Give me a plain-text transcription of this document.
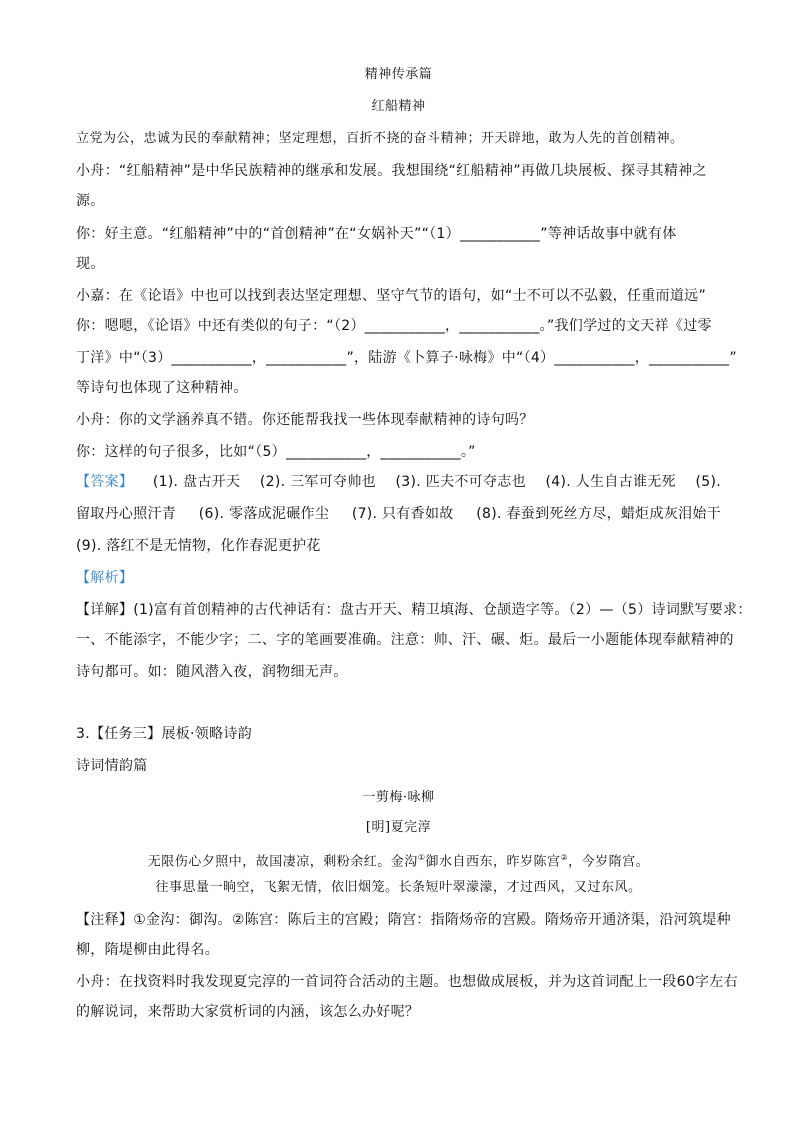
精神传承篇
红船精神
立党为公，忠诚为民的奉献精神；坚定理想，百折不挠的奋斗精神；开天辟地，敢为人先的首创精神。
小舟：“红船精神”是中华民族精神的继承和发展。我想围绕“红船精神”再做几块展板、探寻其精神之
源。
你：好主意。“红船精神”中的“首创精神”在“女娲补天”“（1）___________”等神话故事中就有体
现。
小嘉：在《论语》中也可以找到表达坚定理想、坚守气节的语句，如“士不可以不弘毅，任重而道远”
你：嗯嗯，《论语》中还有类似的句子：“（2）___________，___________。”我们学过的文天祥《过零
丁洋》中“（3）___________，___________”，陆游《卜算子·咏梅》中“（4）___________，___________”
等诗句也体现了这种精神。
小舟：你的文学涵养真不错。你还能帮我找一些体现奉献精神的诗句吗？
你：这样的句子很多，比如“（5）___________，___________。”
【答案】 (1). 盘古开天 (2). 三军可夺帅也 (3). 匹夫不可夺志也 (4). 人生自古谁无死 (5).
留取丹心照汗青 (6). 零落成泥碾作尘 (7). 只有香如故 (8). 春蚕到死丝方尽，蜡炬成灰泪始干
(9). 落红不是无情物，化作春泥更护花
【解析】
【详解】(1)富有首创精神的古代神话有：盘古开天、精卫填海、仓颉造字等。（2）—（5）诗词默写要求：
一、不能添字，不能少字；二、字的笔画要准确。注意：帅、汗、碾、炬。最后一小题能体现奉献精神的
诗句都可。如：随风潜入夜，润物细无声。
3.【任务三】展板·领略诗韵
诗词情韵篇
一剪梅·咏柳
[明]夏完淳
无限伤心夕照中，故国凄凉，剩粉余红。金沟①御水自西东，昨岁陈宫②，今岁隋宫。
往事思量一晌空，飞絮无情，依旧烟笼。长条短叶翠濛濛，才过西风，又过东风。
【注释】①金沟：御沟。②陈宫：陈后主的宫殿；隋宫：指隋炀帝的宫殿。隋炀帝开通济渠，沿河筑堤种
柳，隋堤柳由此得名。
小舟：在找资料时我发现夏完淳的一首词符合活动的主题。也想做成展板，并为这首词配上一段60字左右
的解说词，来帮助大家赏析词的内涵，该怎么办好呢？
